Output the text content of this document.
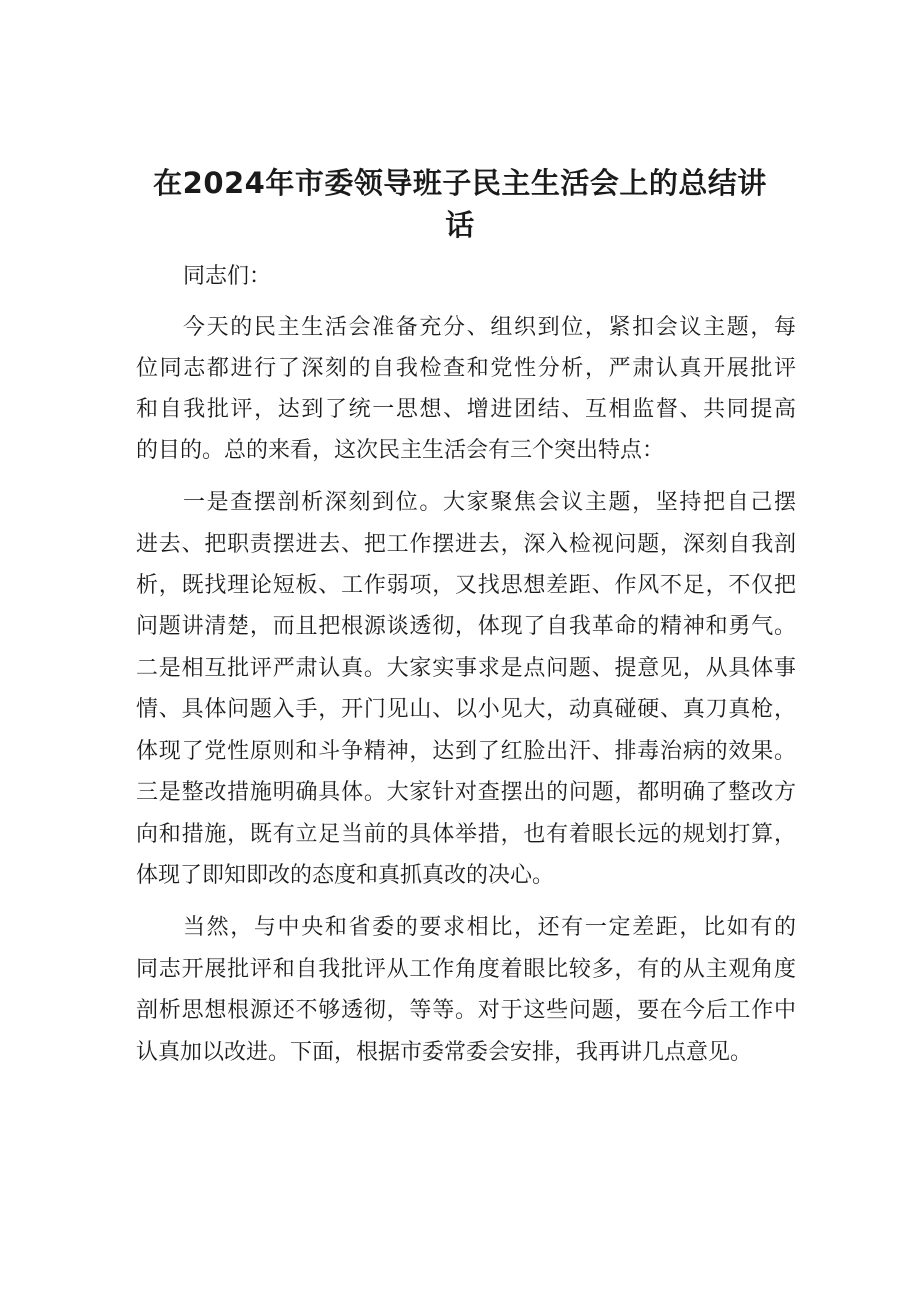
在2024年市委领导班子民主生活会上的总结讲话

同志们：

今天的民主生活会准备充分、组织到位，紧扣会议主题，每

位同志都进行了深刻的自我检查和党性分析，严肃认真开展批评

和自我批评，达到了统一思想、增进团结、互相监督、共同提高

的目的。总的来看，这次民主生活会有三个突出特点：

一是查摆剖析深刻到位。大家聚焦会议主题，坚持把自己摆

进去、把职责摆进去、把工作摆进去，深入检视问题，深刻自我剖

析，既找理论短板、工作弱项，又找思想差距、作风不足，不仅把

问题讲清楚，而且把根源谈透彻，体现了自我革命的精神和勇气。

二是相互批评严肃认真。大家实事求是点问题、提意见，从具体事

情、具体问题入手，开门见山、以小见大，动真碰硬、真刀真枪，

体现了党性原则和斗争精神，达到了红脸出汗、排毒治病的效果。

三是整改措施明确具体。大家针对查摆出的问题，都明确了整改方

向和措施，既有立足当前的具体举措，也有着眼长远的规划打算，

体现了即知即改的态度和真抓真改的决心。

当然，与中央和省委的要求相比，还有一定差距，比如有的

同志开展批评和自我批评从工作角度着眼比较多，有的从主观角度

剖析思想根源还不够透彻，等等。对于这些问题，要在今后工作中

认真加以改进。下面，根据市委常委会安排，我再讲几点意见。
